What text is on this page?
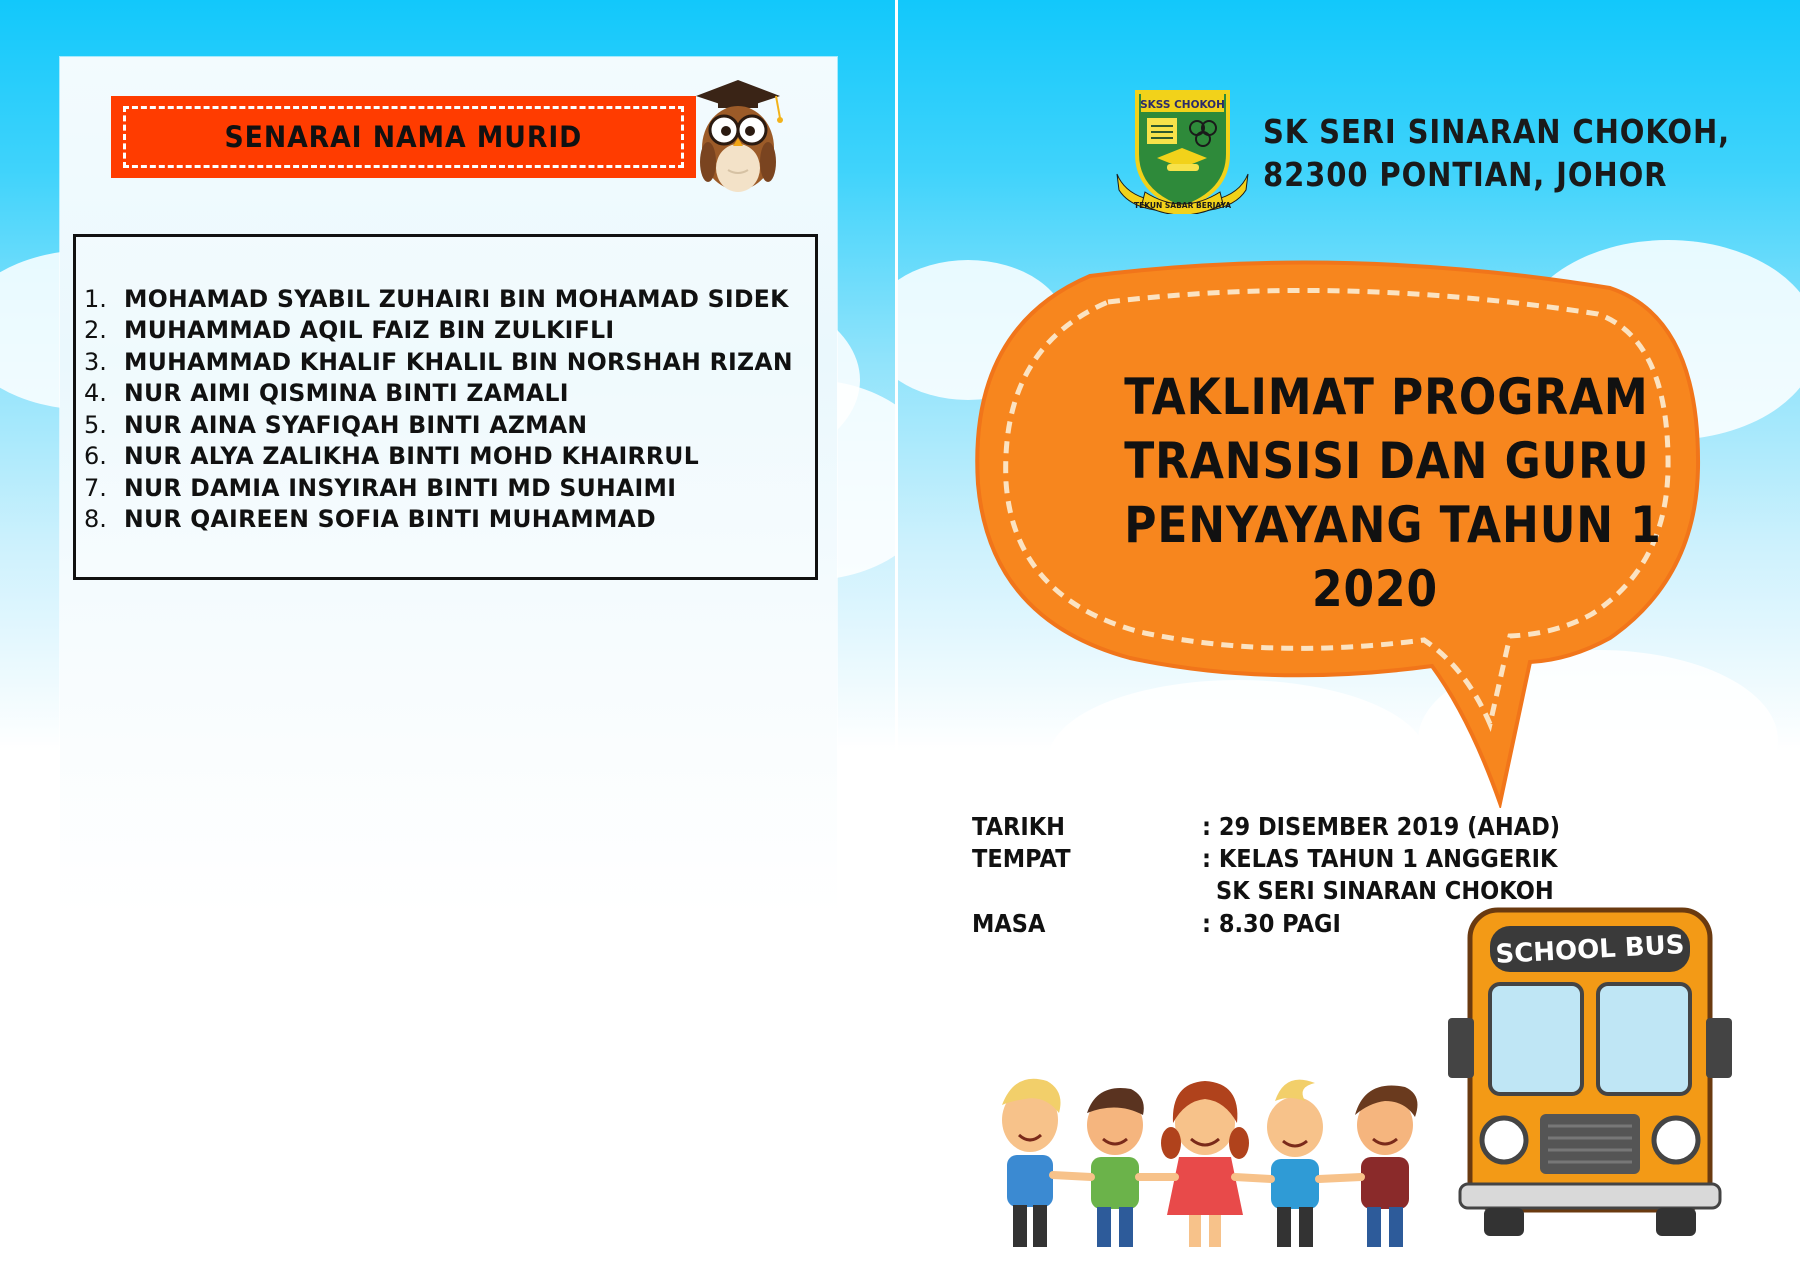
SENARAI NAMA MURID
1. MOHAMAD SYABIL ZUHAIRI BIN MOHAMAD SIDEK
2. MUHAMMAD AQIL FAIZ BIN ZULKIFLI
3. MUHAMMAD KHALIF KHALIL BIN NORSHAH RIZAN
4. NUR AIMI QISMINA BINTI ZAMALI
5. NUR AINA SYAFIQAH BINTI AZMAN
6. NUR ALYA ZALIKHA BINTI MOHD KHAIRRUL
7. NUR DAMIA INSYIRAH BINTI MD SUHAIMI
8. NUR QAIREEN SOFIA BINTI MUHAMMAD
SKSS CHOKOH
TEKUN SABAR BERJAYA
SK SERI SINARAN CHOKOH,
82300 PONTIAN, JOHOR
TAKLIMAT PROGRAM
TRANSISI DAN GURU
PENYAYANG TAHUN 1
2020
TARIKH	: 29 DISEMBER 2019 (AHAD)
TEMPAT	: KELAS TAHUN 1 ANGGERIK
SK SERI SINARAN CHOKOH
MASA	: 8.30 PAGI
SCHOOL BUS
